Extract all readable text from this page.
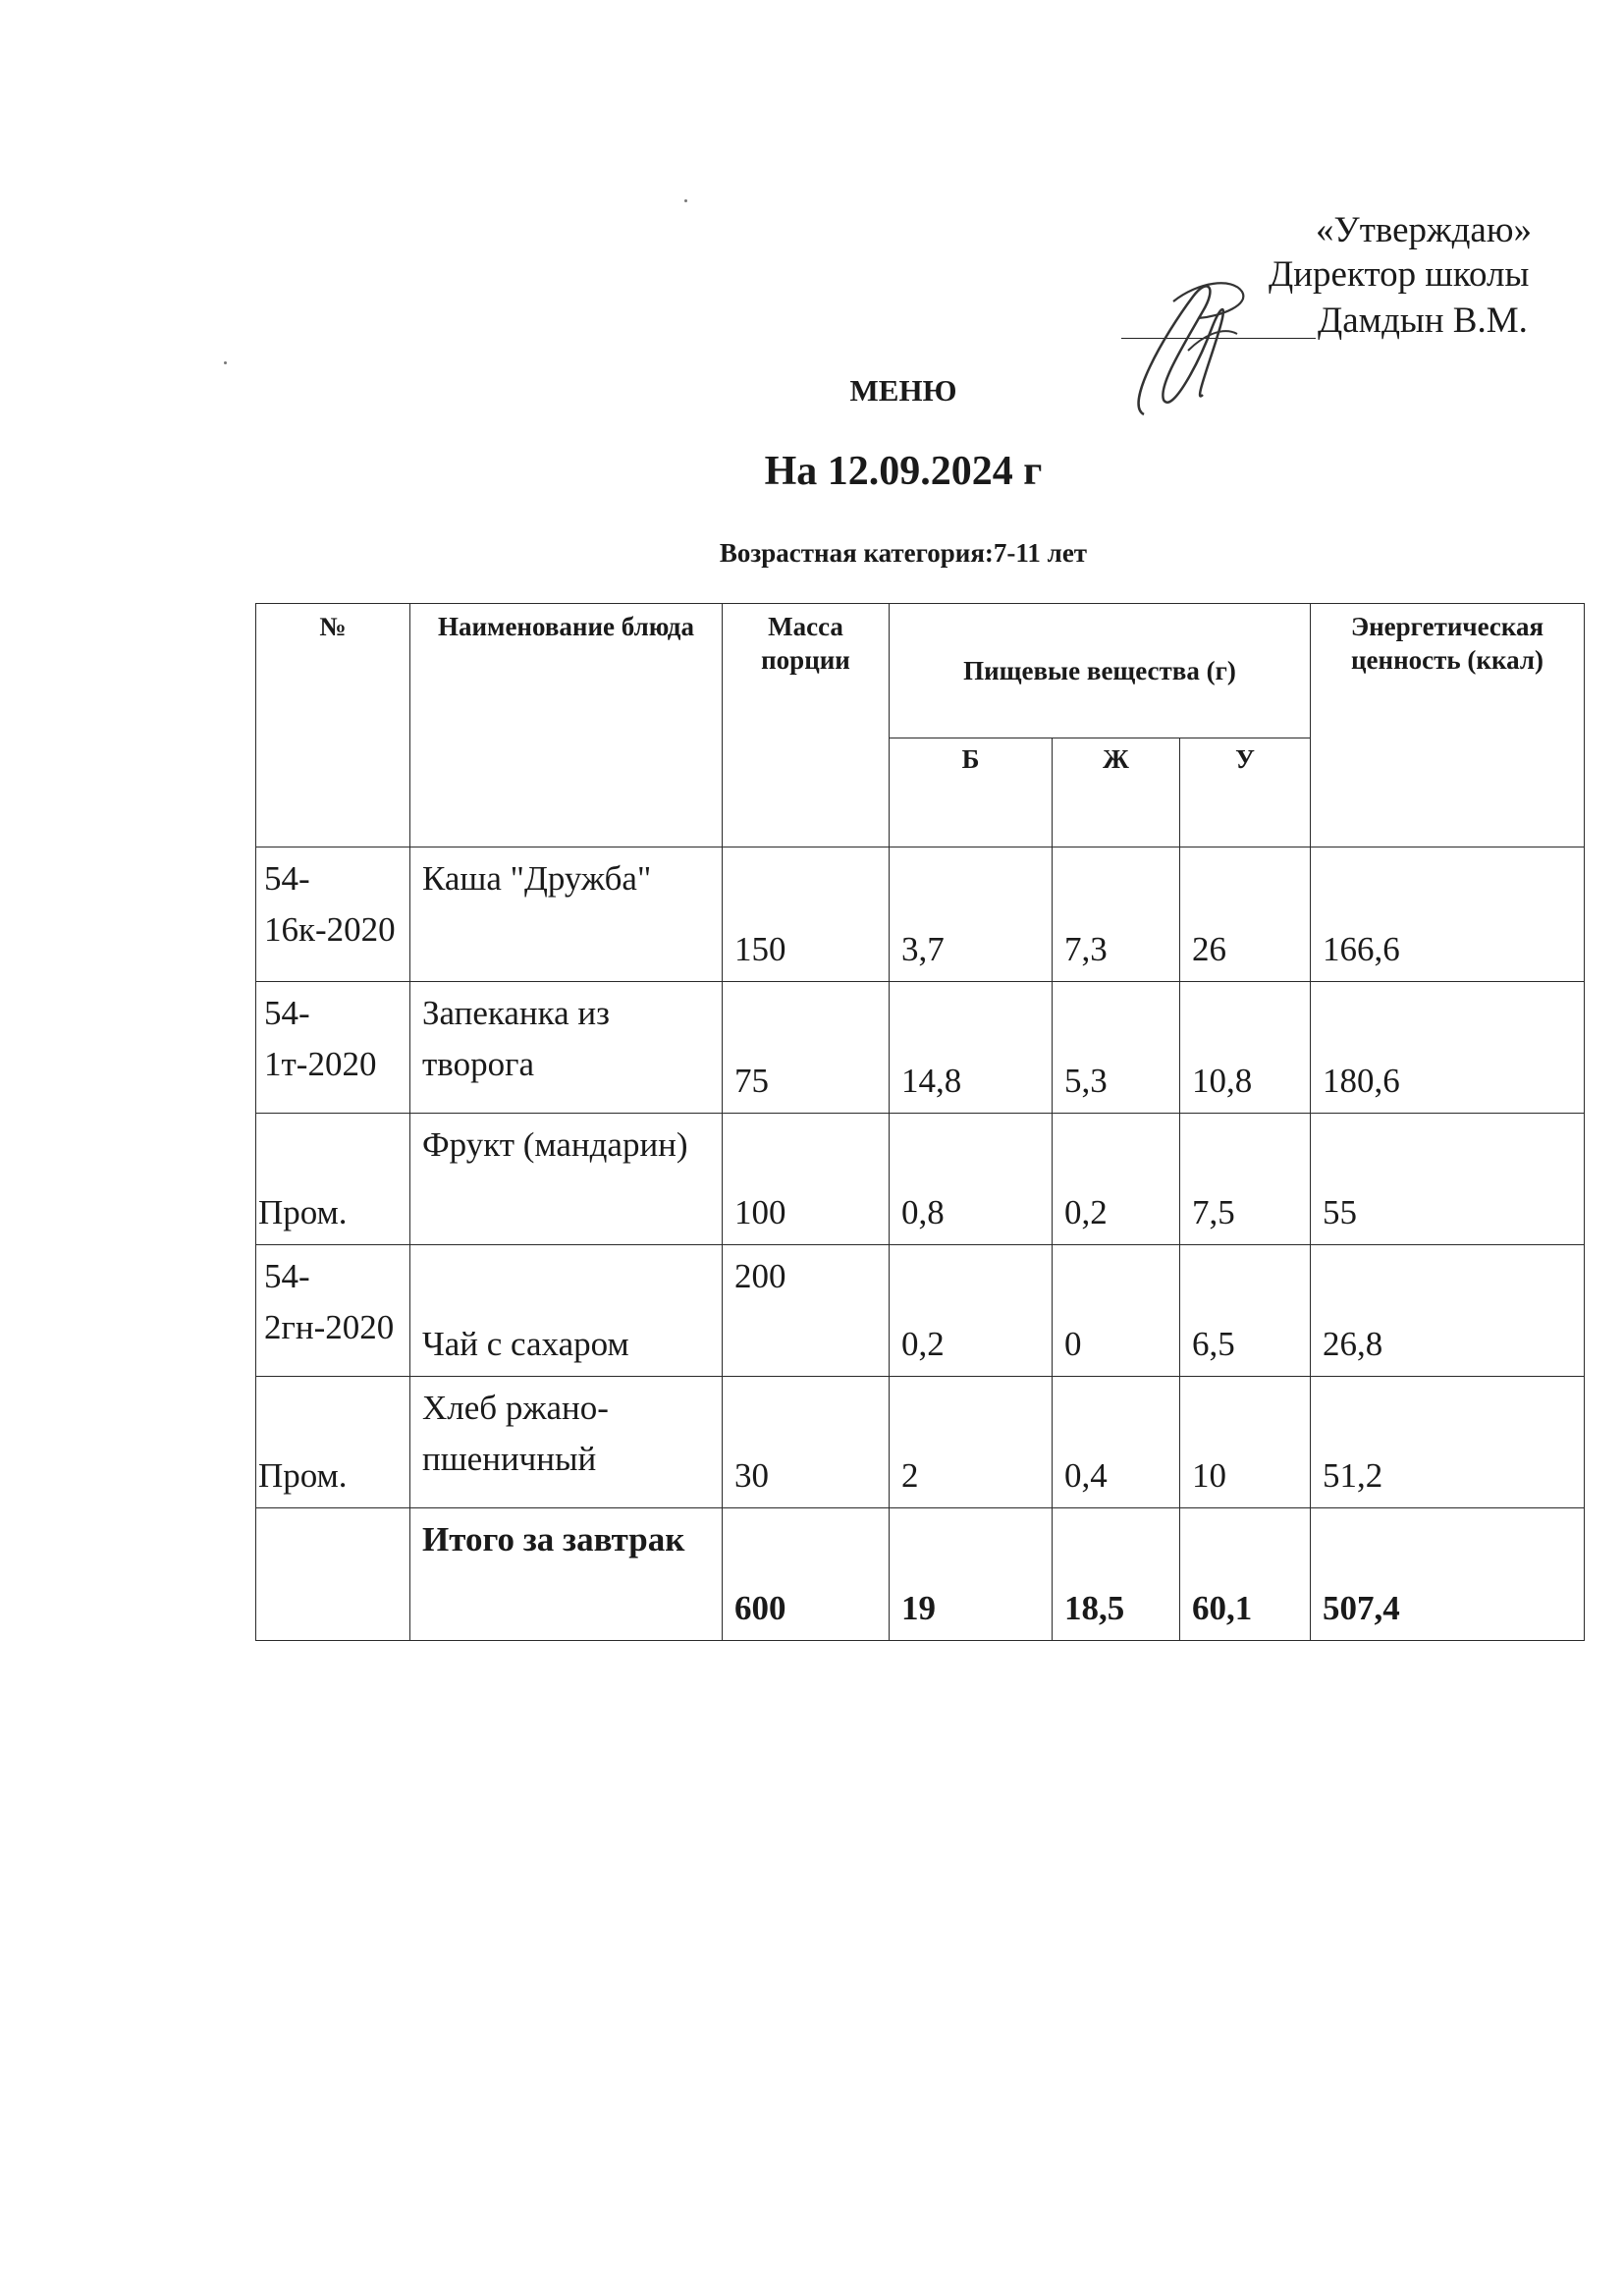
«Утверждаю»
Директор школы
Дамдын В.М.
МЕНЮ
На 12.09.2024 г
Возрастная категория:7-11 лет
№	Наименование блюда	Масса порции	Пищевые вещества (г)			Энергетическая ценность (ккал)
			Б	Ж	У	
54-16к-2020	Каша "Дружба"	150	3,7	7,3	26	166,6
54-1т-2020	Запеканка из творога	75	14,8	5,3	10,8	180,6
Пром.	Фрукт (мандарин)	100	0,8	0,2	7,5	55
54-2гн-2020	Чай с сахаром	200	0,2	0	6,5	26,8
Пром.	Хлеб ржано-пшеничный	30	2	0,4	10	51,2
	Итого за завтрак	600	19	18,5	60,1	507,4
